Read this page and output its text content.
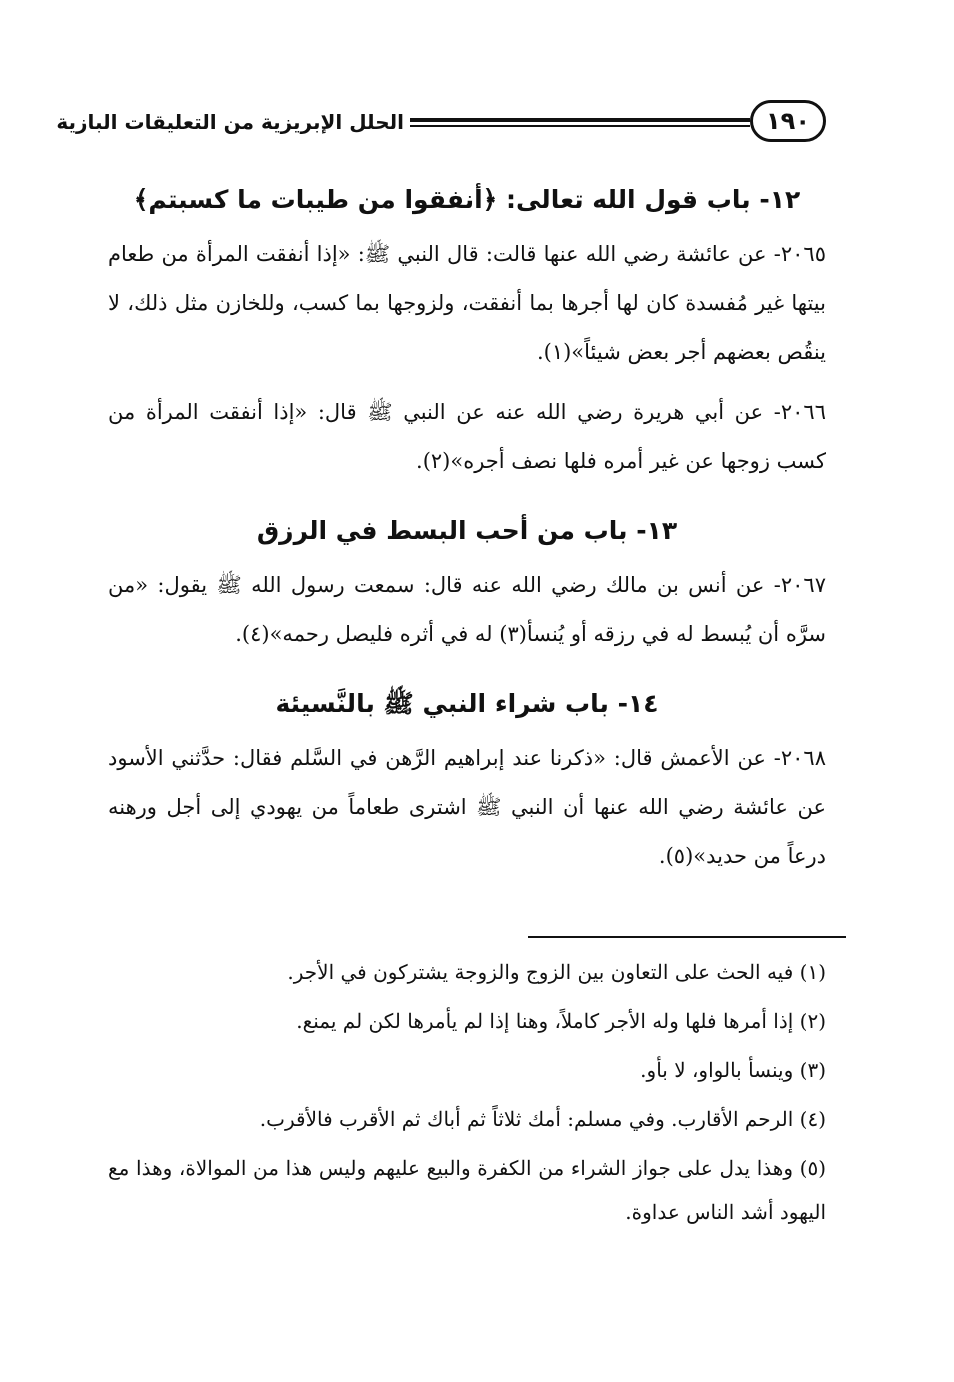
١٩٠
الحلل الإبريزية من التعليقات البازية
١٢- باب قول الله تعالى: ﴿أنفقوا من طيبات ما كسبتم﴾

٢٠٦٥- عن عائشة رضي الله عنها قالت: قال النبي ﷺ: «إذا أنفقت المرأة من طعام بيتها غير مُفسدة كان لها أجرها بما أنفقت، ولزوجها بما كسب، وللخازن مثل ذلك، لا ينقُص بعضهم أجر بعض شيئاً»(١).

٢٠٦٦- عن أبي هريرة رضي الله عنه عن النبي ﷺ قال: «إذا أنفقت المرأة من كسب زوجها عن غير أمره فلها نصف أجره»(٢).

١٣- باب من أحب البسط في الرزق

٢٠٦٧- عن أنس بن مالك رضي الله عنه قال: سمعت رسول الله ﷺ يقول: «من سرَّه أن يُبسط له في رزقه أو يُنسأ(٣) له في أثره فليصل رحمه»(٤).

١٤- باب شراء النبي ﷺ بالنَّسيئة

٢٠٦٨- عن الأعمش قال: «ذكرنا عند إبراهيم الرَّهن في السَّلم فقال: حدَّثني الأسود عن عائشة رضي الله عنها أن النبي ﷺ اشترى طعاماً من يهودي إلى أجل ورهنه درعاً من حديد»(٥).

(١) فيه الحث على التعاون بين الزوج والزوجة يشتركون في الأجر.

(٢) إذا أمرها فلها وله الأجر كاملاً، وهنا إذا لم يأمرها لكن لم يمنع.

(٣) وينسأ بالواو، لا بأو.

(٤) الرحم الأقارب. وفي مسلم: أمك ثلاثاً ثم أباك ثم الأقرب فالأقرب.

(٥) وهذا يدل على جواز الشراء من الكفرة والبيع عليهم وليس هذا من الموالاة، وهذا مع اليهود أشد الناس عداوة.
